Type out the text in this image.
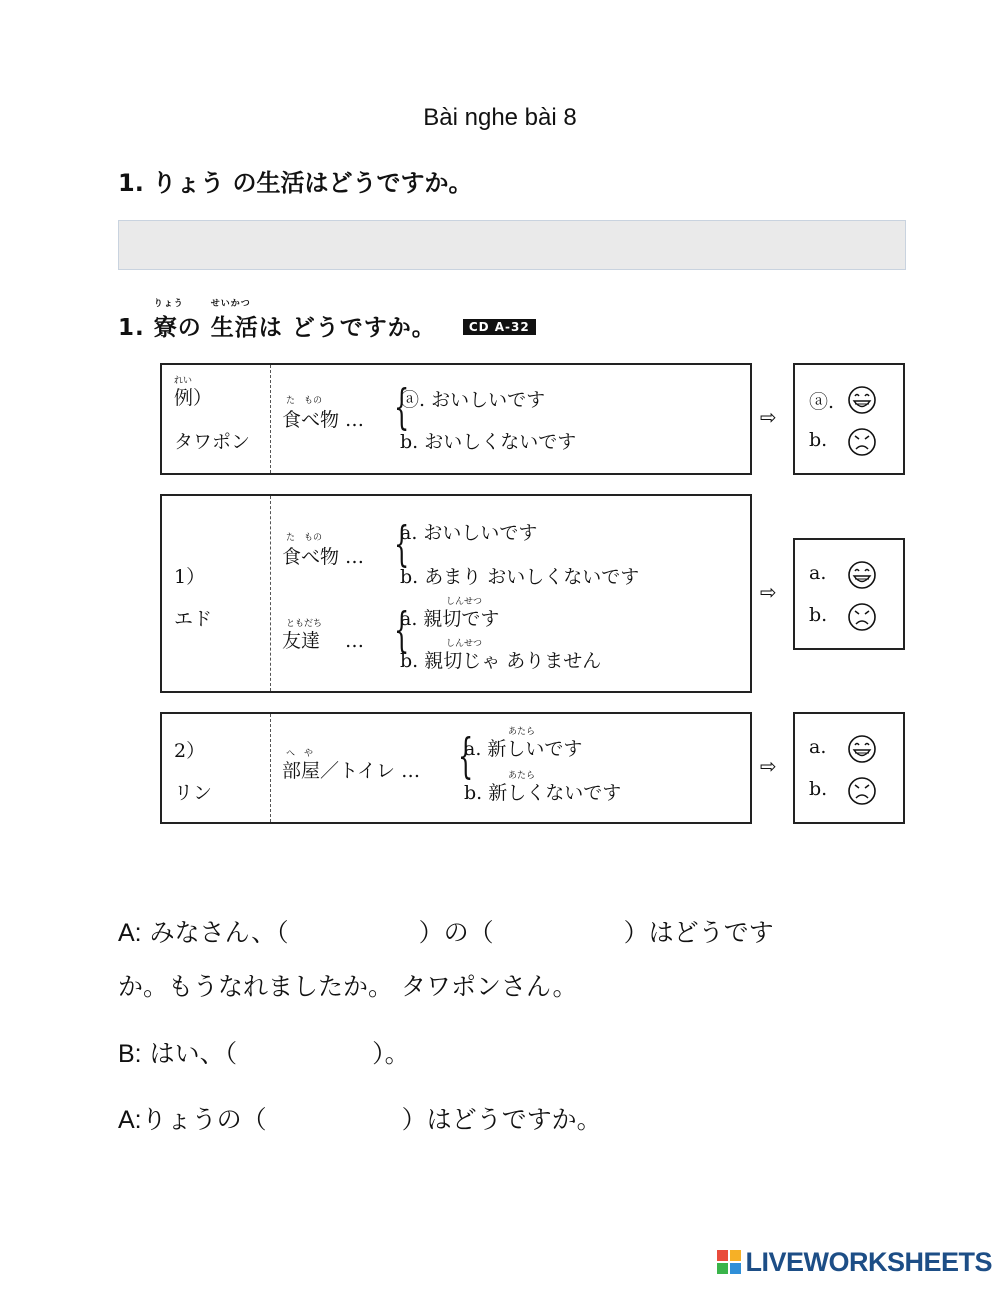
Bài nghe bài 8
1. りょう の生活はどうですか。
1.
りょう
寮の
せいかつ
生活は どうですか。	CD A-32
れい
例）
タワポン
た　もの
食べ物 … {
ⓐ. おいしいです
b. おいしくないです
⇨
ⓐ.
b.
1）
エド
た　もの
食べ物 … {
a. おいしいです
b. あまり おいしくないです
ともだち
友達　 … {	しんせつ
a. 親切です
しんせつ
b. 親切じゃ ありません
⇨
a.
b.
2）
リン
へ　や
部屋／トイレ … {	あたら
a. 新しいです
あたら
b. 新しくないです
⇨
a.
b.
A: みなさん、（	）の（	）はどうです
か。もうなれましたか。 タワポンさん。
B: はい、（	）。
A:りょうの（	）はどうですか。
LIVEWORKSHEETS
